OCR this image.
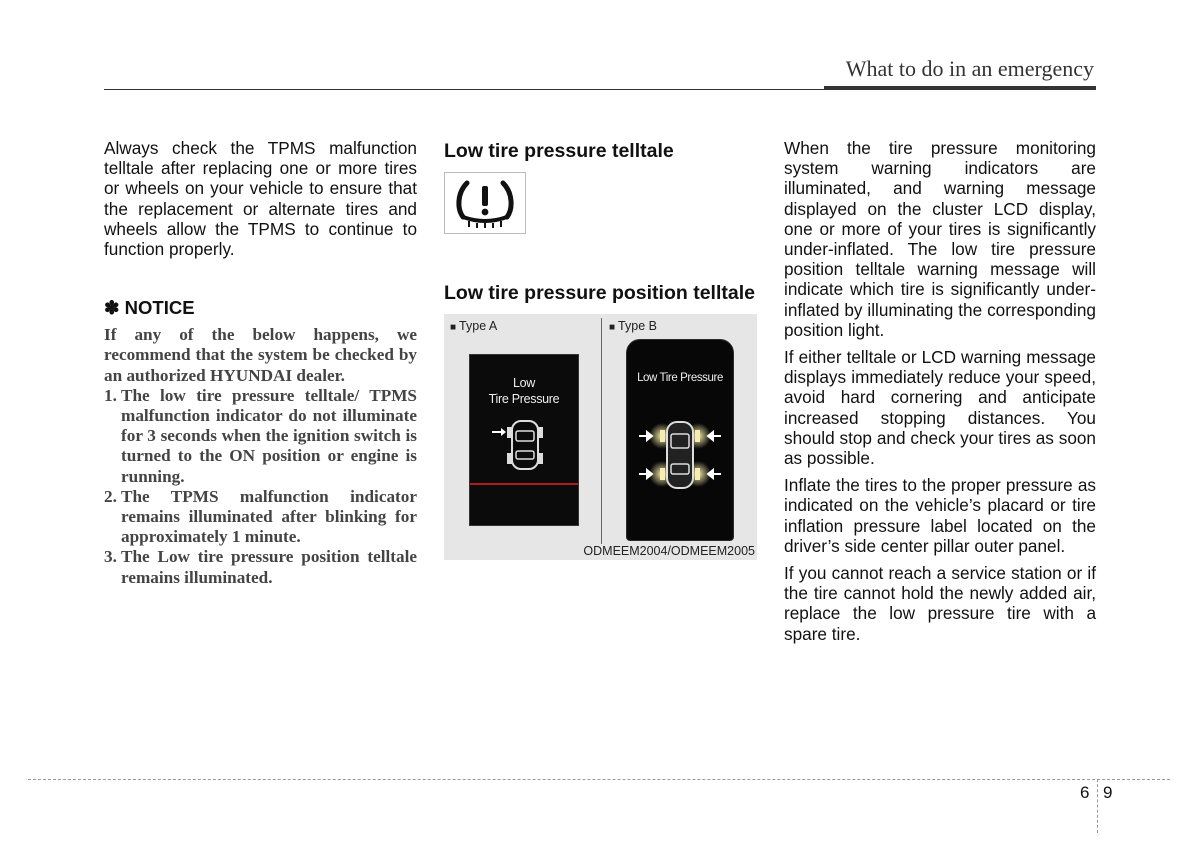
What to do in an emergency

Always check the TPMS malfunction telltale after replacing one or more tires or wheels on your vehicle to ensure that the replacement or alternate tires and wheels allow the TPMS to continue to function properly.

✽ NOTICE

If any of the below happens, we recommend that the system be checked by an authorized HYUNDAI dealer.

1. The low tire pressure telltale/ TPMS malfunction indicator do not illuminate for 3 seconds when the ignition switch is turned to the ON position or engine is running.
2. The TPMS malfunction indicator remains illuminated after blinking for approximately 1 minute.
3. The Low tire pressure position telltale remains illuminated.
Low tire pressure telltale
Low tire pressure position telltale
■ Type A	■ Type B
Low
Tire Pressure
Low Tire Pressure
ODMEEM2004/ODMEEM2005

When the tire pressure monitoring system warning indicators are illuminated, and warning message displayed on the cluster LCD display, one or more of your tires is significantly under-inflated. The low tire pressure position telltale warning message will indicate which tire is significantly under-inflated by illuminating the corresponding position light.

If either telltale or LCD warning message displays immediately reduce your speed, avoid hard cornering and anticipate increased stopping distances. You should stop and check your tires as soon as possible.

Inflate the tires to the proper pressure as indicated on the vehicle’s placard or tire inflation pressure label located on the driver’s side center pillar outer panel.

If you cannot reach a service station or if the tire cannot hold the newly added air, replace the low pressure tire with a spare tire.

6 9
